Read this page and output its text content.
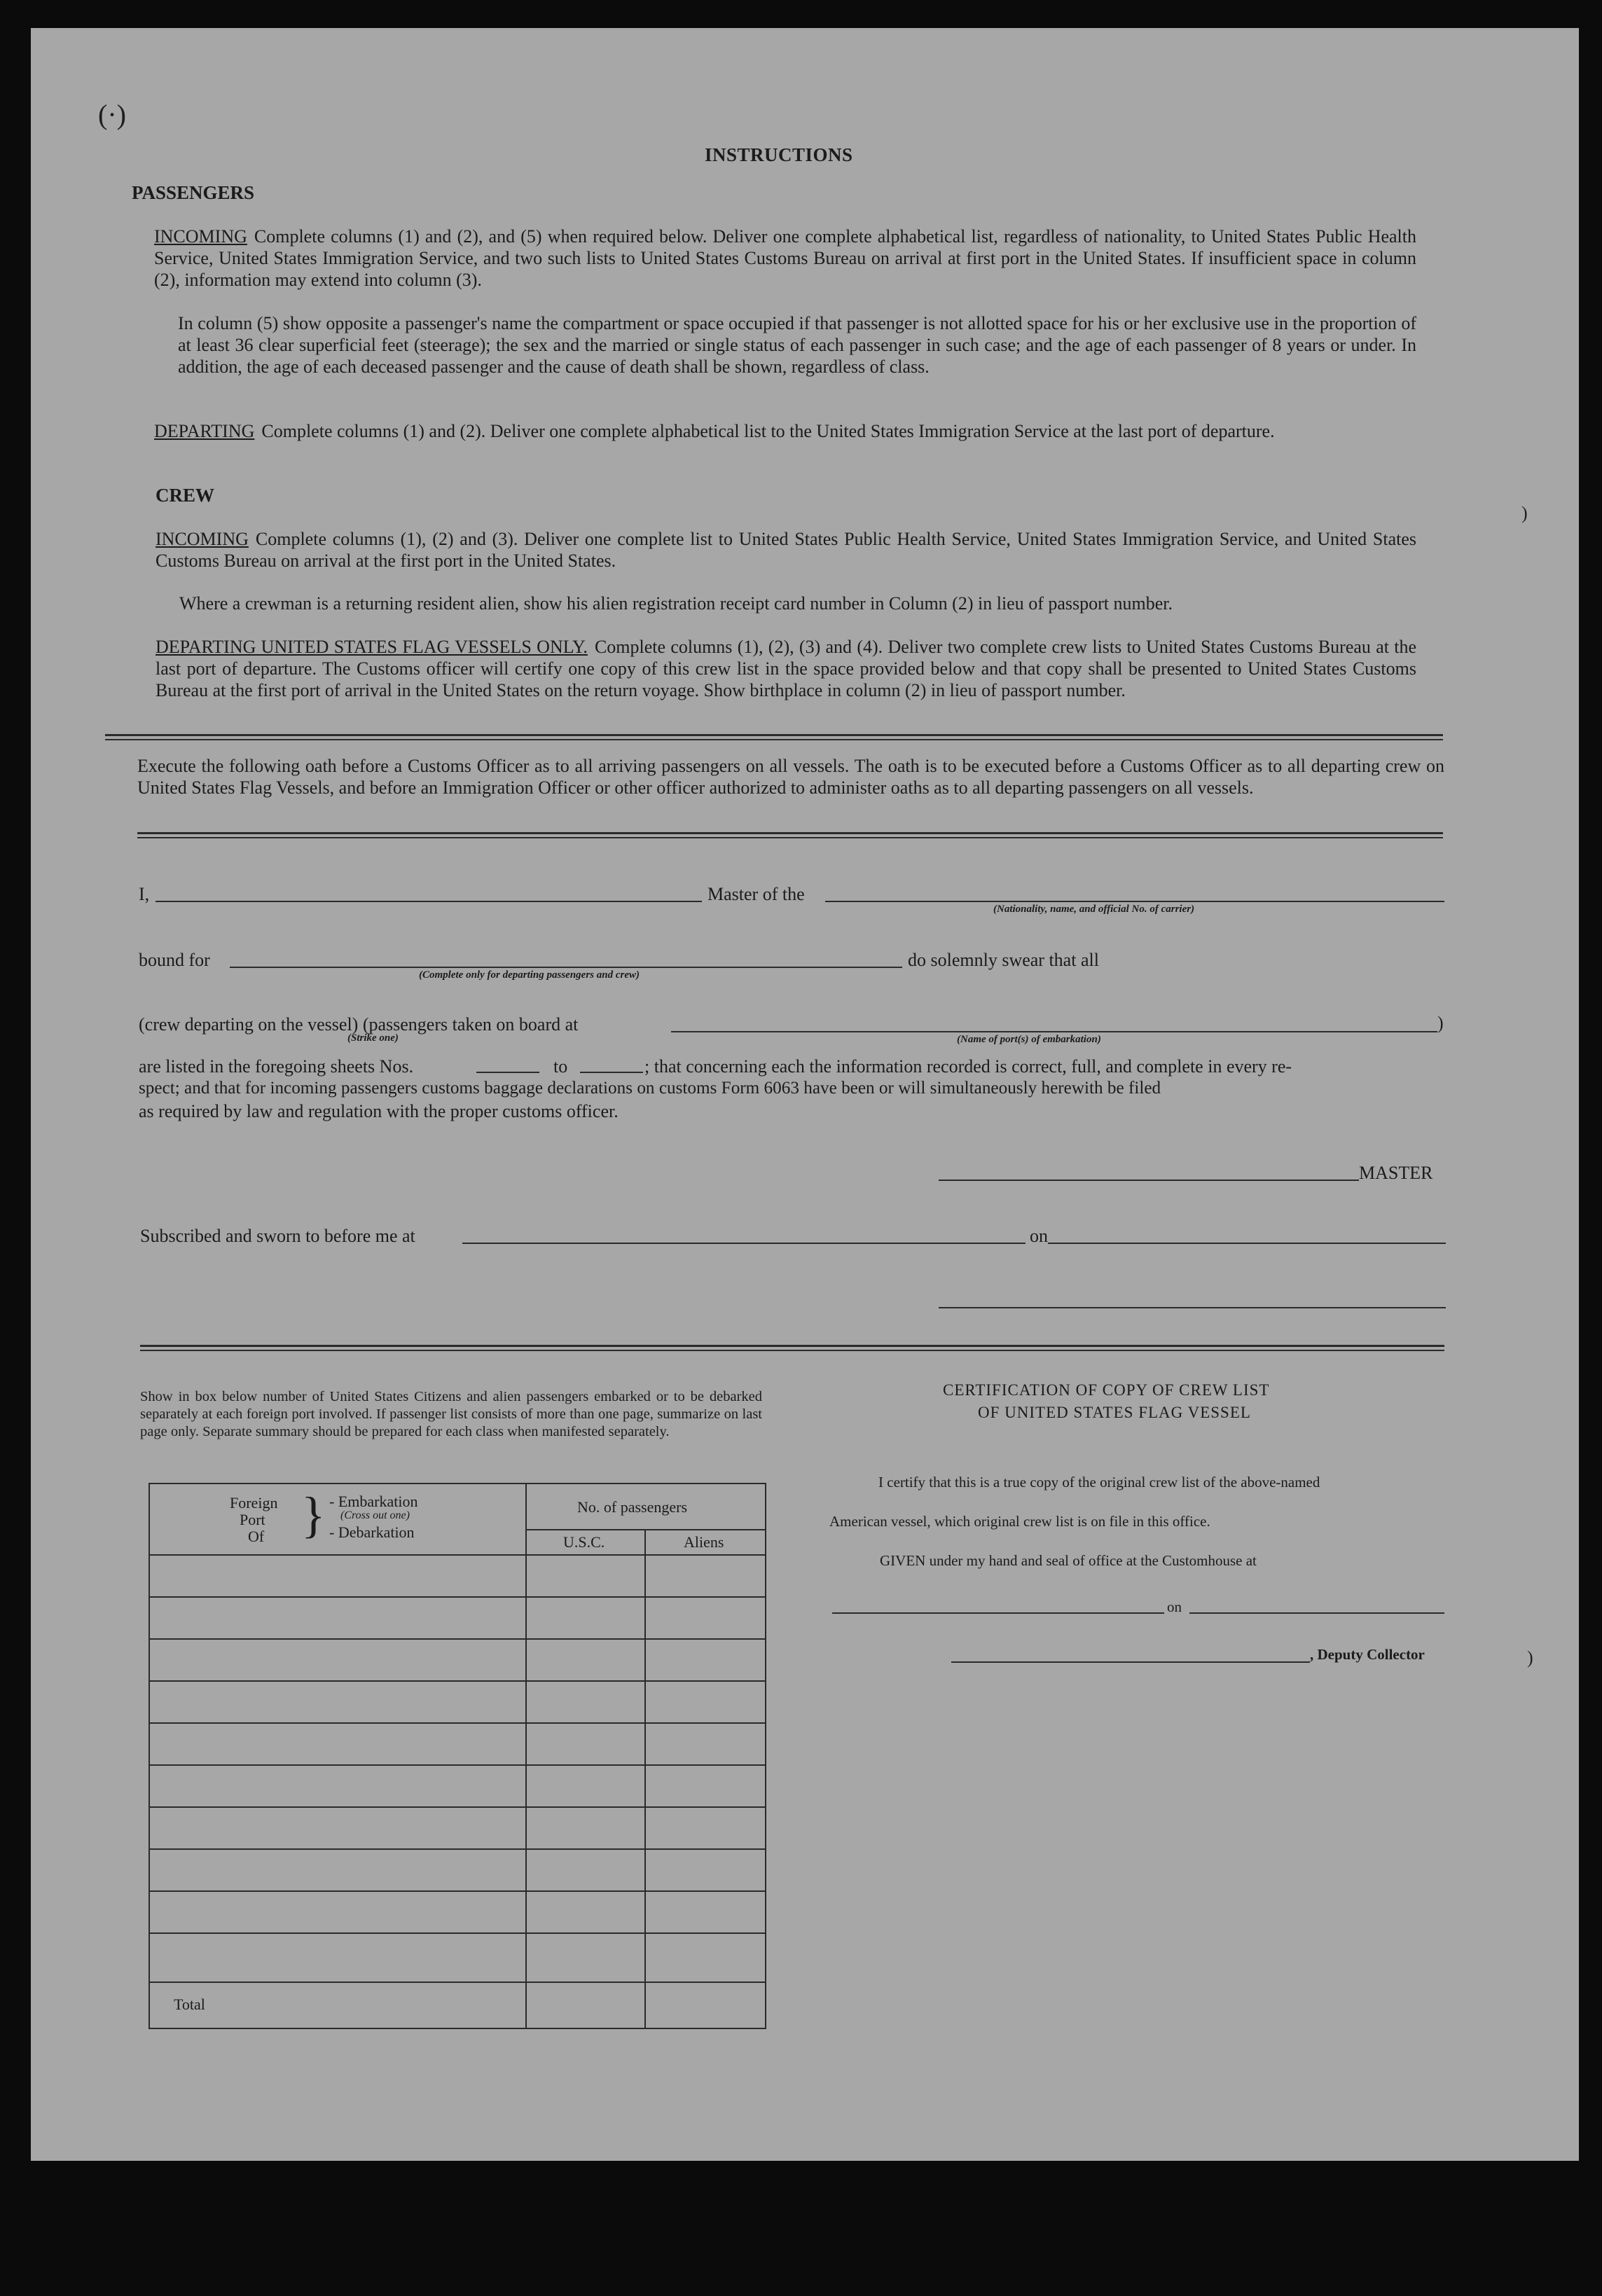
(·)
)
)
INSTRUCTIONS
PASSENGERS
INCOMING Complete columns (1) and (2), and (5) when required below. Deliver one complete alphabetical list, regardless of nationality, to United States Public Health Service, United States Immigration Service, and two such lists to United States Customs Bureau on arrival at first port in the United States. If insufficient space in column (2), information may extend into column (3).
In column (5) show opposite a passenger's name the compartment or space occupied if that passenger is not allotted space for his or her exclusive use in the proportion of at least 36 clear superficial feet (steerage); the sex and the married or single status of each passenger in such case; and the age of each passenger of 8 years or under. In addition, the age of each deceased passenger and the cause of death shall be shown, regardless of class.
DEPARTING Complete columns (1) and (2). Deliver one complete alphabetical list to the United States Immigration Service at the last port of departure.
CREW
INCOMING Complete columns (1), (2) and (3). Deliver one complete list to United States Public Health Service, United States Immigration Service, and United States Customs Bureau on arrival at the first port in the United States.
Where a crewman is a returning resident alien, show his alien registration receipt card number in Column (2) in lieu of passport number.
DEPARTING UNITED STATES FLAG VESSELS ONLY. Complete columns (1), (2), (3) and (4). Deliver two complete crew lists to United States Customs Bureau at the last port of departure. The Customs officer will certify one copy of this crew list in the space provided below and that copy shall be presented to United States Customs Bureau at the first port of arrival in the United States on the return voyage. Show birthplace in column (2) in lieu of passport number.
Execute the following oath before a Customs Officer as to all arriving passengers on all vessels. The oath is to be executed before a Customs Officer as to all departing crew on United States Flag Vessels, and before an Immigration Officer or other officer authorized to administer oaths as to all departing passengers on all vessels.
I,	Master of the
(Nationality, name, and official No. of carrier)
bound for
(Complete only for departing passengers and crew)
do solemnly swear that all
(crew departing on the vessel) (passengers taken on board at
(Strike one)
)
(Name of port(s) of embarkation)
are listed in the foregoing sheets Nos.	to	; that concerning each the information recorded is correct, full, and complete in every re-
spect; and that for incoming passengers customs baggage declarations on customs Form 6063 have been or will simultaneously herewith be filed
as required by law and regulation with the proper customs officer.
MASTER
Subscribed and sworn to before me at	on
Show in box below number of United States Citizens and alien passengers embarked or to be debarked separately at each foreign port involved. If passenger list consists of more than one page, summarize on last page only. Separate summary should be prepared for each class when manifested separately.
Foreign
Port
Of } - Embarkation
(Cross out one)
- Debarkation
No. of passengers
U.S.C.	Aliens
Total
CERTIFICATION OF COPY OF CREW LIST
OF UNITED STATES FLAG VESSEL
I certify that this is a true copy of the original crew list of the above-named
American vessel, which original crew list is on file in this office.
GIVEN under my hand and seal of office at the Customhouse at
on
, Deputy Collector
